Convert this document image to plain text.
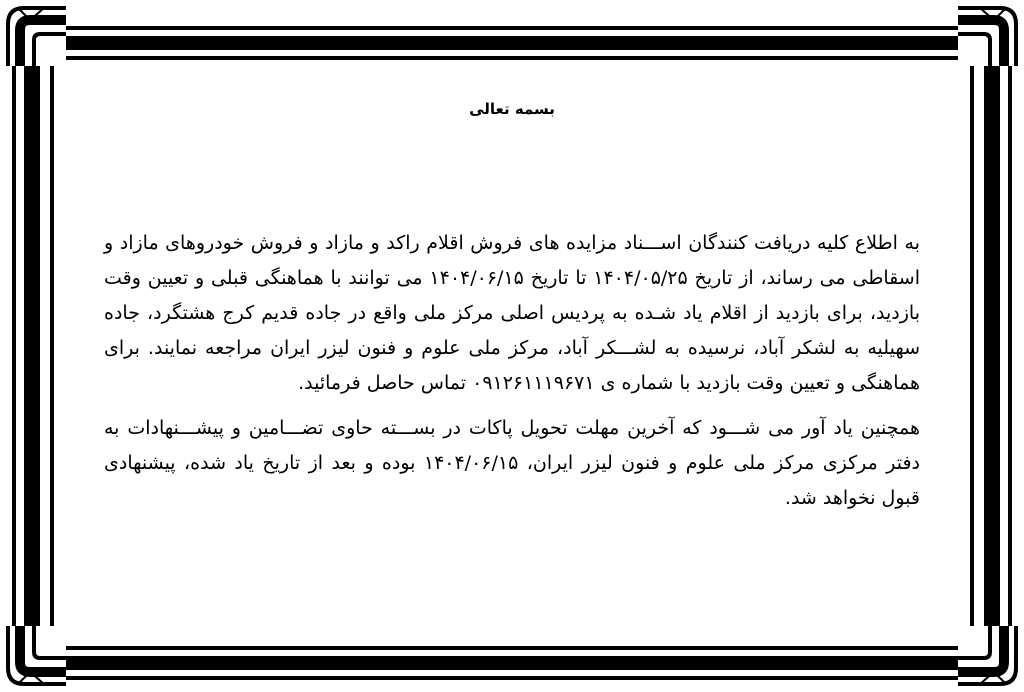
بسمه تعالی

به اطلاع کلیه دریافت کنندگان اســـناد مزایده های فروش اقلام راکد و مازاد و فروش خودروهای مازاد و اسقاطی می رساند، از تاریخ ۱۴۰۴/۰۵/۲۵ تا تاریخ ۱۴۰۴/۰۶/۱۵ می توانند با هماهنگی قبلی و تعیین وقت بازدید، برای بازدید از اقلام یاد شـده به پردیس اصلی مرکز ملی واقع در جاده قدیم کرج هشتگرد، جاده سهیلیه به لشکر آباد، نرسیده به لشـــکر آباد، مرکز ملی علوم و فنون لیزر ایران مراجعه نمایند. برای هماهنگی و تعیین وقت بازدید با شماره ی ۰۹۱۲۶۱۱۱۹۶۷۱ تماس حاصل فرمائید.

همچنین یاد آور می شـــود که آخرین مهلت تحویل پاکات در بســـته حاوی تضـــامین و پیشـــنهادات به دفتر مرکزی مرکز ملی علوم و فنون لیزر ایران، ۱۴۰۴/۰۶/۱۵ بوده و بعد از تاریخ یاد شده، پیشنهادی قبول نخواهد شد.
